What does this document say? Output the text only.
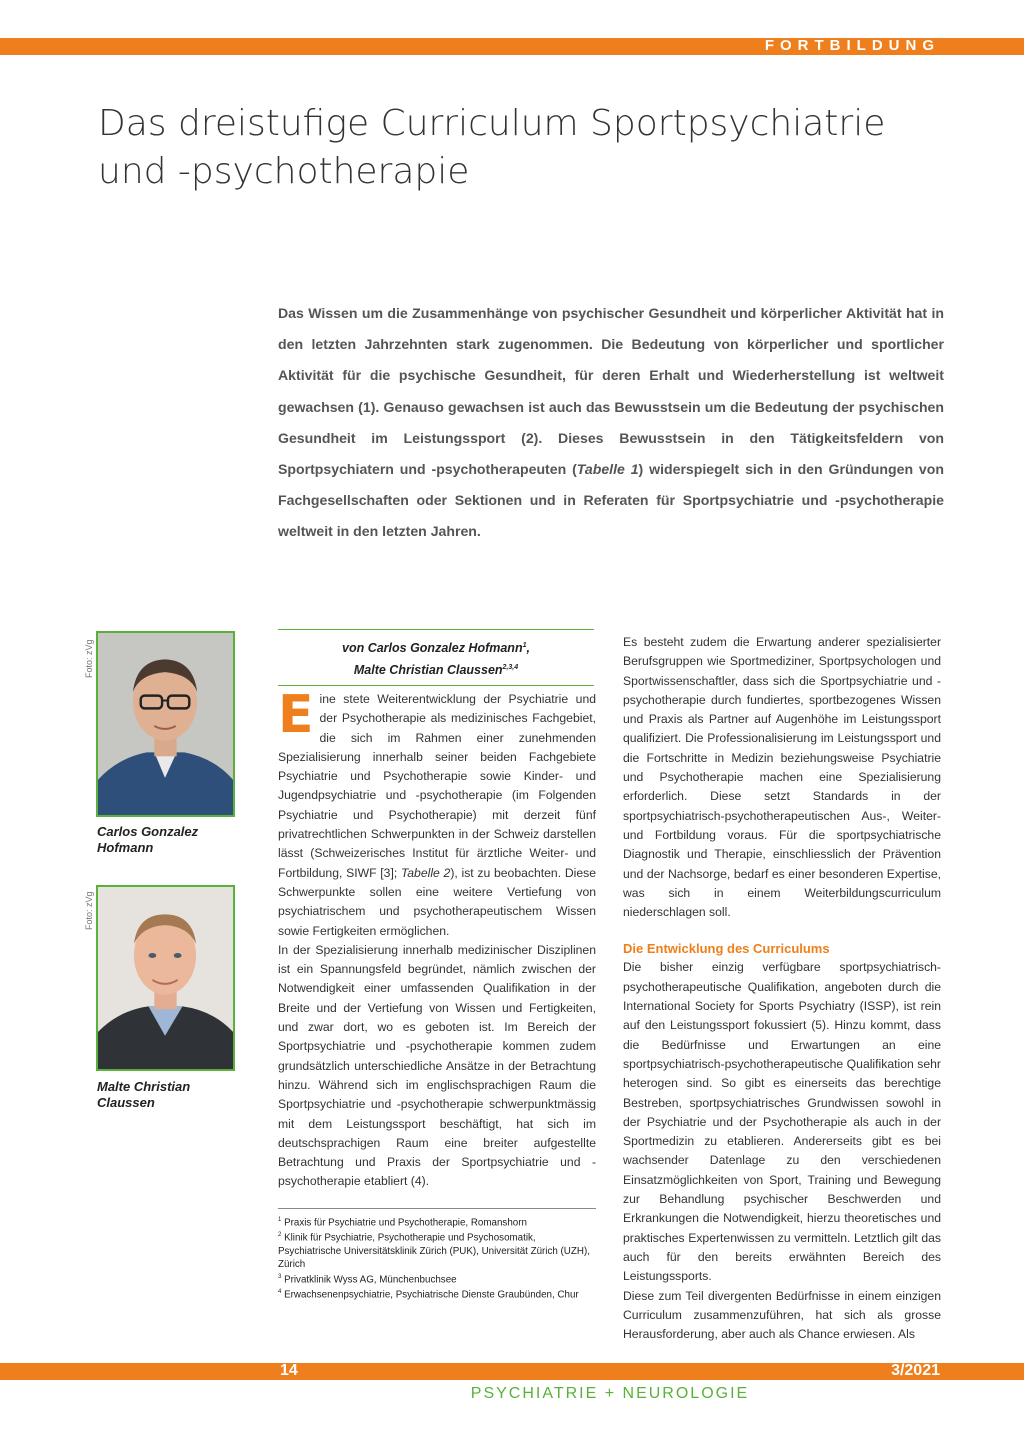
FORTBILDUNG
Das dreistufige Curriculum Sportpsychiatrie und -psychotherapie

Das Wissen um die Zusammenhänge von psychischer Gesundheit und körperlicher Aktivität hat in den letzten Jahrzehnten stark zugenommen. Die Bedeutung von körperlicher und sportlicher Aktivität für die psychische Gesundheit, für deren Erhalt und Wiederherstellung ist weltweit gewachsen (1). Genauso gewachsen ist auch das Bewusstsein um die Bedeutung der psychischen Gesundheit im Leistungssport (2). Dieses Bewusstsein in den Tätigkeitsfeldern von Sportpsychiatern und -psychotherapeuten (Tabelle 1) widerspiegelt sich in den Gründungen von Fachgesellschaften oder Sektionen und in Referaten für Sportpsychiatrie und -psychotherapie weltweit in den letzten Jahren.

Foto: zVg
Carlos Gonzalez Hofmann
Foto: zVg
Malte Christian Claussen
von Carlos Gonzalez Hofmann$^1$,
Malte Christian Claussen$^{2,3,4}$

Eine stete Weiterentwicklung der Psychiatrie und der Psychotherapie als medizinisches Fachgebiet, die sich im Rahmen einer zunehmenden Spezialisierung innerhalb seiner beiden Fachgebiete Psychiatrie und Psychotherapie sowie Kinder- und Jugendpsychiatrie und -psychotherapie (im Folgenden Psychiatrie und Psychotherapie) mit derzeit fünf privatrechtlichen Schwerpunkten in der Schweiz darstellen lässt (Schweizerisches Institut für ärztliche Weiter- und Fortbildung, SIWF [3]; Tabelle 2), ist zu beobachten. Diese Schwerpunkte sollen eine weitere Vertiefung von psychiatrischem und psychotherapeutischem Wissen sowie Fertigkeiten ermöglichen.

In der Spezialisierung innerhalb medizinischer Disziplinen ist ein Spannungsfeld begründet, nämlich zwischen der Notwendigkeit einer umfassenden Qualifikation in der Breite und der Vertiefung von Wissen und Fertigkeiten, und zwar dort, wo es geboten ist. Im Bereich der Sportpsychiatrie und -psychotherapie kommen zudem grundsätzlich unterschiedliche Ansätze in der Betrachtung hinzu. Während sich im englischsprachigen Raum die Sportpsychiatrie und -psychotherapie schwerpunktmässig mit dem Leistungssport beschäftigt, hat sich im deutschsprachigen Raum eine breiter aufgestellte Betrachtung und Praxis der Sportpsychiatrie und -psychotherapie etabliert (4).

$^1$ Praxis für Psychiatrie und Psychotherapie, Romanshorn
$^2$ Klinik für Psychiatrie, Psychotherapie und Psychosomatik, Psychiatrische Universitätsklinik Zürich (PUK), Universität Zürich (UZH), Zürich
$^3$ Privatklinik Wyss AG, Münchenbuchsee
$^4$ Erwachsenenpsychiatrie, Psychiatrische Dienste Graubünden, Chur

Es besteht zudem die Erwartung anderer spezialisierter Berufsgruppen wie Sportmediziner, Sportpsychologen und Sportwissenschaftler, dass sich die Sportpsychiatrie und -psychotherapie durch fundiertes, sportbezogenes Wissen und Praxis als Partner auf Augenhöhe im Leistungssport qualifiziert. Die Professionalisierung im Leistungssport und die Fortschritte in Medizin beziehungsweise Psychiatrie und Psychotherapie machen eine Spezialisierung erforderlich. Diese setzt Standards in der sportpsychiatrisch-psychotherapeutischen Aus-, Weiter- und Fortbildung voraus. Für die sportpsychiatrische Diagnostik und Therapie, einschliesslich der Prävention und der Nachsorge, bedarf es einer besonderen Expertise, was sich in einem Weiterbildungscurriculum niederschlagen soll.

Die Entwicklung des Curriculums

Die bisher einzig verfügbare sportpsychiatrisch-psychotherapeutische Qualifikation, angeboten durch die International Society for Sports Psychiatry (ISSP), ist rein auf den Leistungssport fokussiert (5). Hinzu kommt, dass die Bedürfnisse und Erwartungen an eine sportpsychiatrisch-psychotherapeutische Qualifikation sehr heterogen sind. So gibt es einerseits das berechtige Bestreben, sportpsychiatrisches Grundwissen sowohl in der Psychiatrie und der Psychotherapie als auch in der Sportmedizin zu etablieren. Andererseits gibt es bei wachsender Datenlage zu den verschiedenen Einsatzmöglichkeiten von Sport, Training und Bewegung zur Behandlung psychischer Beschwerden und Erkrankungen die Notwendigkeit, hierzu theoretisches und praktisches Expertenwissen zu vermitteln. Letztlich gilt das auch für den bereits erwähnten Bereich des Leistungssports.

Diese zum Teil divergenten Bedürfnisse in einem einzigen Curriculum zusammenzuführen, hat sich als grosse Herausforderung, aber auch als Chance erwiesen. Als

14	3/2021
PSYCHIATRIE + NEUROLOGIE
